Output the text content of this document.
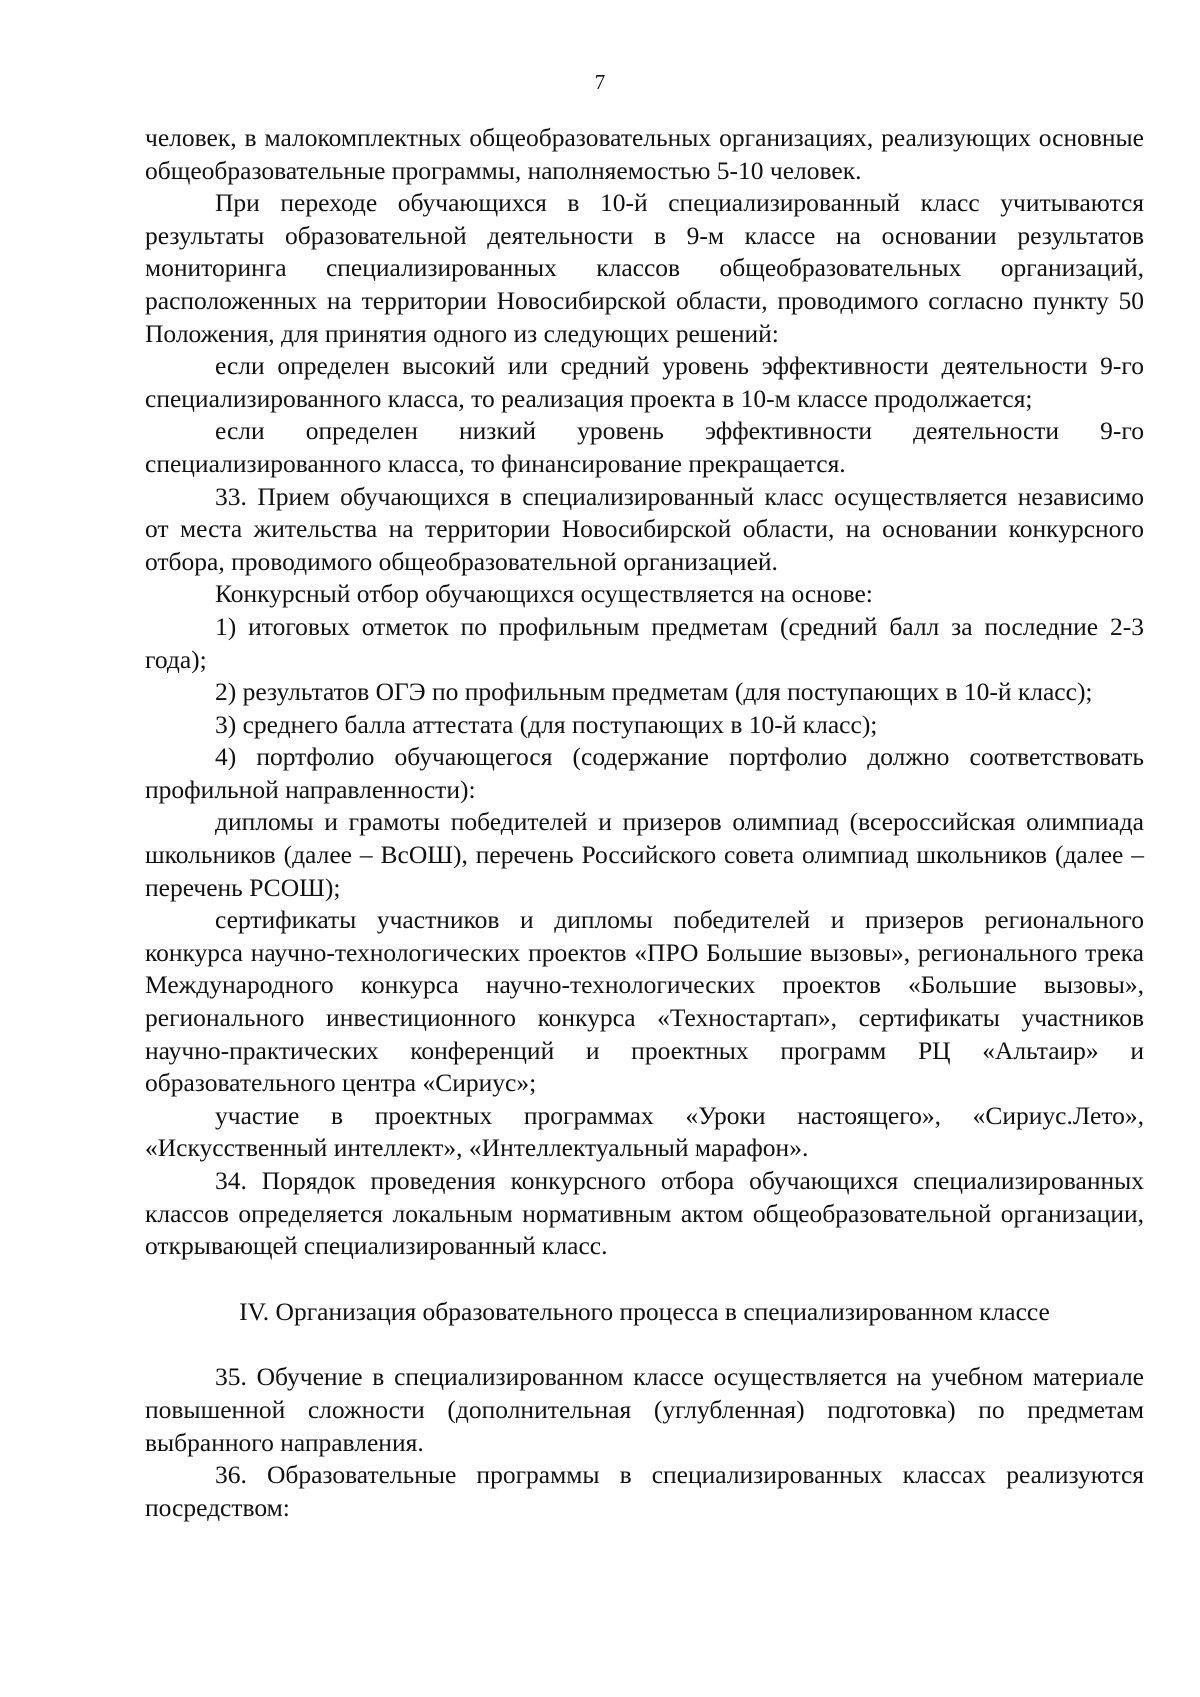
7

человек, в малокомплектных общеобразовательных организациях, реализующих основные общеобразовательные программы, наполняемостью 5-10 человек.

При переходе обучающихся в 10-й специализированный класс учитываются результаты образовательной деятельности в 9-м классе на основании результатов мониторинга специализированных классов общеобразовательных организаций, расположенных на территории Новосибирской области, проводимого согласно пункту 50 Положения, для принятия одного из следующих решений:

если определен высокий или средний уровень эффективности деятельности 9-го специализированного класса, то реализация проекта в 10-м классе продолжается;

если определен низкий уровень эффективности деятельности 9-го специализированного класса, то финансирование прекращается.

33. Прием обучающихся в специализированный класс осуществляется независимо от места жительства на территории Новосибирской области, на основании конкурсного отбора, проводимого общеобразовательной организацией.

Конкурсный отбор обучающихся осуществляется на основе:

1) итоговых отметок по профильным предметам (средний балл за последние 2-3 года);

2) результатов ОГЭ по профильным предметам (для поступающих в 10-й класс);

3) среднего балла аттестата (для поступающих в 10-й класс);

4) портфолио обучающегося (содержание портфолио должно соответствовать профильной направленности):

дипломы и грамоты победителей и призеров олимпиад (всероссийская олимпиада школьников (далее – ВсОШ), перечень Российского совета олимпиад школьников (далее – перечень РСОШ);

сертификаты участников и дипломы победителей и призеров регионального конкурса научно-технологических проектов «ПРО Большие вызовы», регионального трека Международного конкурса научно-технологических проектов «Большие вызовы», регионального инвестиционного конкурса «Техностартап», сертификаты участников научно-практических конференций и проектных программ РЦ «Альтаир» и образовательного центра «Сириус»;

участие в проектных программах «Уроки настоящего», «Сириус.Лето», «Искусственный интеллект», «Интеллектуальный марафон».

34. Порядок проведения конкурсного отбора обучающихся специализированных классов определяется локальным нормативным актом общеобразовательной организации, открывающей специализированный класс.

IV. Организация образовательного процесса в специализированном классе

35. Обучение в специализированном классе осуществляется на учебном материале повышенной сложности (дополнительная (углубленная) подготовка) по предметам выбранного направления.

36. Образовательные программы в специализированных классах реализуются посредством:
